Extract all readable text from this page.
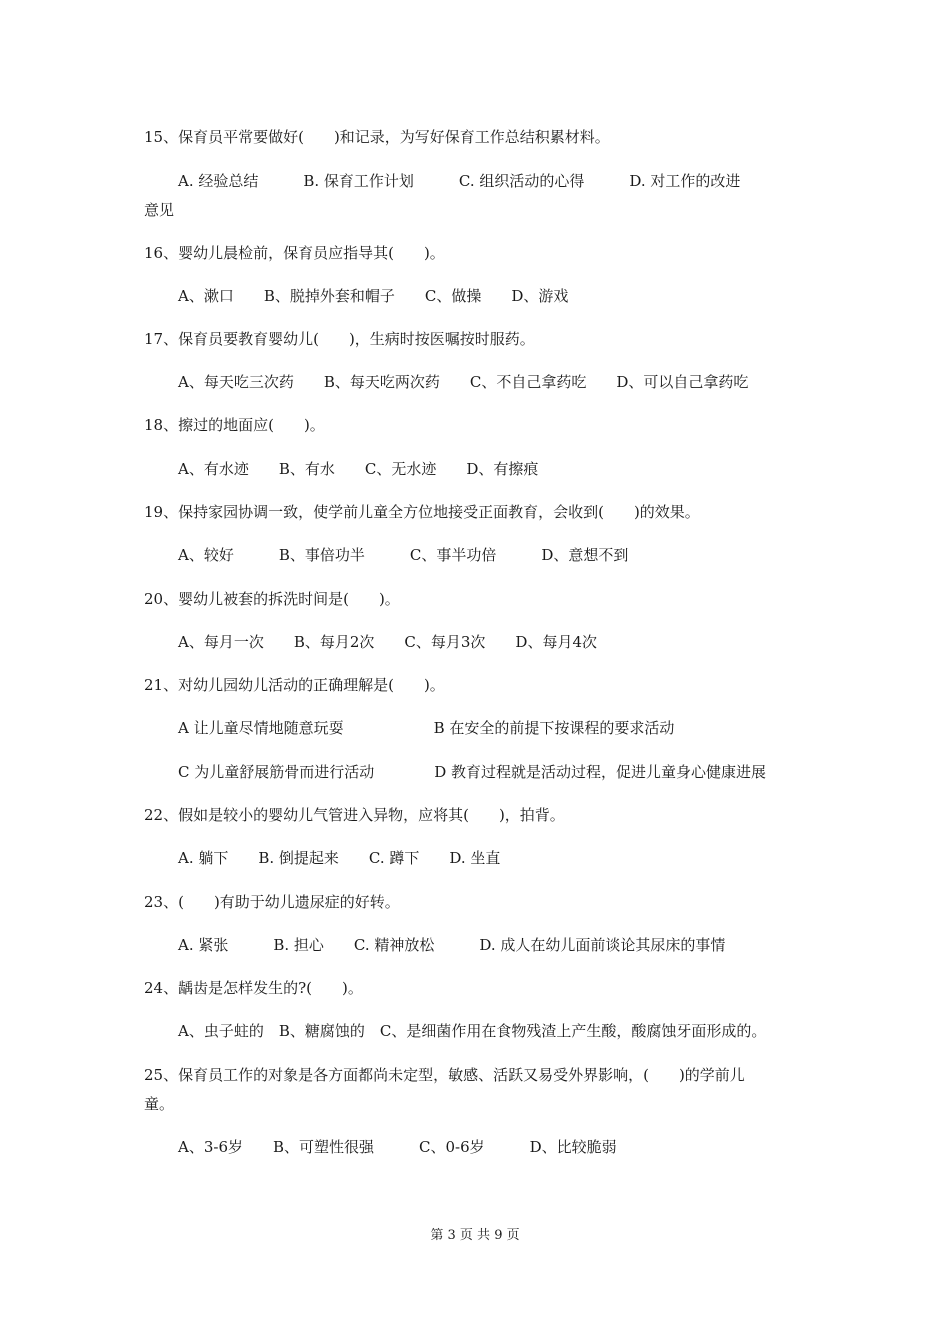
15、保育员平常要做好(　　)和记录，为写好保育工作总结积累材料。
A. 经验总结　　　B. 保育工作计划　　　C. 组织活动的心得　　　D. 对工作的改进
意见
16、婴幼儿晨检前，保育员应指导其(　　)。
A、漱口　　B、脱掉外套和帽子　　C、做操　　D、游戏
17、保育员要教育婴幼儿(　　)，生病时按医嘱按时服药。
A、每天吃三次药　　B、每天吃两次药　　C、不自己拿药吃　　D、可以自己拿药吃
18、擦过的地面应(　　)。
A、有水迹　　B、有水　　C、无水迹　　D、有擦痕
19、保持家园协调一致，使学前儿童全方位地接受正面教育，会收到(　　)的效果。
A、较好　　　B、事倍功半　　　C、事半功倍　　　D、意想不到
20、婴幼儿被套的拆洗时间是(　　)。
A、每月一次　　B、每月2次　　C、每月3次　　D、每月4次
21、对幼儿园幼儿活动的正确理解是(　　)。
A 让儿童尽情地随意玩耍　　　　　　B 在安全的前提下按课程的要求活动
C 为儿童舒展筋骨而进行活动　　　　D 教育过程就是活动过程，促进儿童身心健康进展
22、假如是较小的婴幼儿气管进入异物，应将其(　　)，拍背。
A. 躺下　　B. 倒提起来　　C. 蹲下　　D. 坐直
23、(　　)有助于幼儿遗尿症的好转。
A. 紧张　　　B. 担心　　C. 精神放松　　　D. 成人在幼儿面前谈论其尿床的事情
24、龋齿是怎样发生的?(　　)。
A、虫子蛀的　B、糖腐蚀的　C、是细菌作用在食物残渣上产生酸，酸腐蚀牙面形成的。
25、保育员工作的对象是各方面都尚未定型，敏感、活跃又易受外界影响，(　　)的学前儿
童。
A、3-6岁　　B、可塑性很强　　　C、0-6岁　　　D、比较脆弱
第 3 页 共 9 页
